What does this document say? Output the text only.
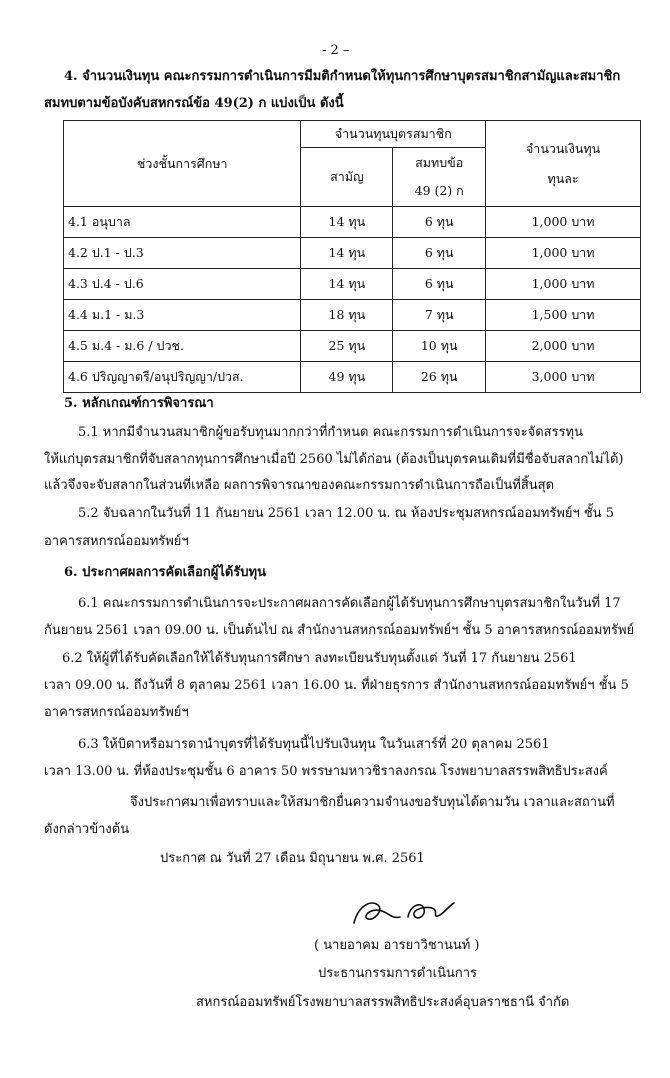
- 2 –
4. จำนวนเงินทุน คณะกรรมการดำเนินการมีมติกำหนดให้ทุนการศึกษาบุตรสมาชิกสามัญและสมาชิก
สมทบตามข้อบังคับสหกรณ์ข้อ 49(2) ก แบ่งเป็น ดังนี้
ช่วงชั้นการศึกษา	จำนวนทุนบุตรสมาชิก		จำนวนเงินทุน ทุนละ

	สามัญ	สมทบข้อ 49 (2) ก	
4.1 อนุบาล	14 ทุน	6 ทุน	1,000 บาท
4.2 ป.1 - ป.3	14 ทุน	6 ทุน	1,000 บาท
4.3 ป.4 - ป.6	14 ทุน	6 ทุน	1,000 บาท
4.4 ม.1 - ม.3	18 ทุน	7 ทุน	1,500 บาท
4.5 ม.4 - ม.6 / ปวช.	25 ทุน	10 ทุน	2,000 บาท
4.6 ปริญญาตรี/อนุปริญญา/ปวส.	49 ทุน	26 ทุน	3,000 บาท
5. หลักเกณฑ์การพิจารณา
5.1 หากมีจำนวนสมาชิกผู้ขอรับทุนมากกว่าที่กำหนด คณะกรรมการดำเนินการจะจัดสรรทุน
ให้แก่บุตรสมาชิกที่จับสลากทุนการศึกษาเมื่อปี 2560 ไม่ได้ก่อน (ต้องเป็นบุตรคนเดิมที่มีชื่อจับสลากไม่ได้)
แล้วจึงจะจับสลากในส่วนที่เหลือ ผลการพิจารณาของคณะกรรมการดำเนินการถือเป็นที่สิ้นสุด
5.2 จับฉลากในวันที่ 11 กันยายน 2561 เวลา 12.00 น. ณ ห้องประชุมสหกรณ์ออมทรัพย์ฯ ชั้น 5
อาคารสหกรณ์ออมทรัพย์ฯ
6. ประกาศผลการคัดเลือกผู้ได้รับทุน
6.1 คณะกรรมการดำเนินการจะประกาศผลการคัดเลือกผู้ได้รับทุนการศึกษาบุตรสมาชิกในวันที่ 17
กันยายน 2561 เวลา 09.00 น. เป็นต้นไป ณ สำนักงานสหกรณ์ออมทรัพย์ฯ ชั้น 5 อาคารสหกรณ์ออมทรัพย์
6.2 ให้ผู้ที่ได้รับคัดเลือกให้ได้รับทุนการศึกษา ลงทะเบียนรับทุนตั้งแต่ วันที่ 17 กันยายน 2561
เวลา 09.00 น. ถึงวันที่ 8 ตุลาคม 2561 เวลา 16.00 น. ที่ฝ่ายธุรการ สำนักงานสหกรณ์ออมทรัพย์ฯ ชั้น 5
อาคารสหกรณ์ออมทรัพย์ฯ
6.3 ให้บิดาหรือมารดานำบุตรที่ได้รับทุนนี้ไปรับเงินทุน ในวันเสาร์ที่ 20 ตุลาคม 2561
เวลา 13.00 น. ที่ห้องประชุมชั้น 6 อาคาร 50 พรรษามหาวชิราลงกรณ โรงพยาบาลสรรพสิทธิประสงค์
จึงประกาศมาเพื่อทราบและให้สมาชิกยื่นความจำนงขอรับทุนได้ตามวัน เวลาและสถานที่
ดังกล่าวข้างต้น
ประกาศ ณ วันที่ 27 เดือน มิถุนายน พ.ศ. 2561
( นายอาคม อารยาวิชานนท์ )
ประธานกรรมการดำเนินการ
สหกรณ์ออมทรัพย์โรงพยาบาลสรรพสิทธิประสงค์อุบลราชธานี จำกัด
